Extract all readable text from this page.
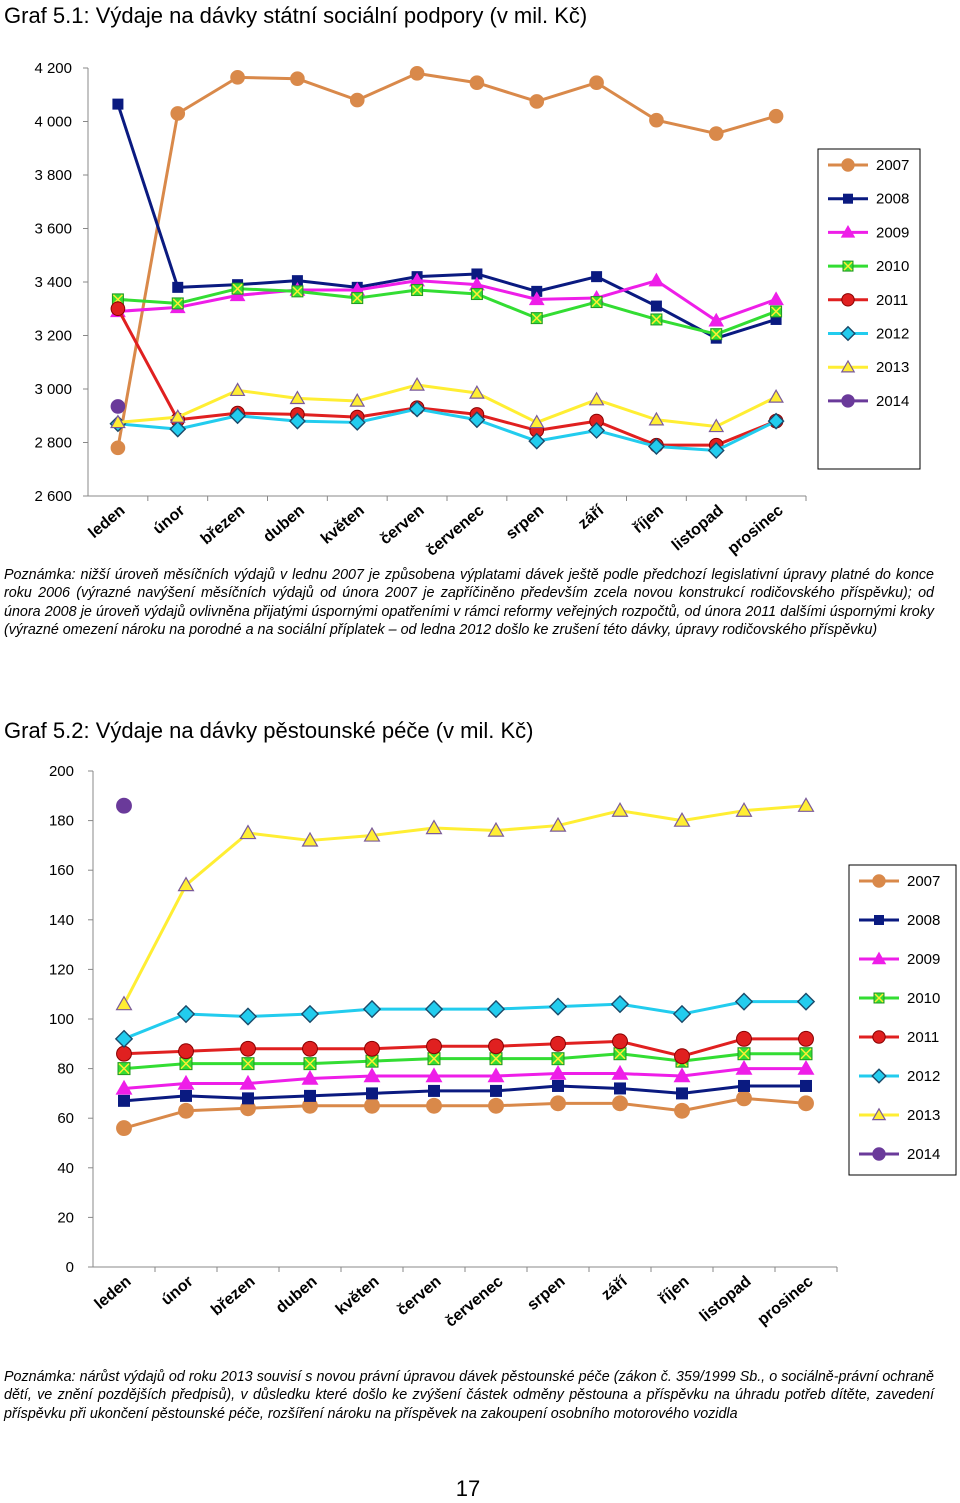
Graf 5.1: Výdaje na dávky státní sociální podpory (v mil. Kč)
2 600
2 800
3 000
3 200
3 400
3 600
3 800
4 000
4 200
leden únor březen duben květen červen
červenec srpen září říjen listopad
prosinec
2007
2008
2009
2010
2011
2012
2013
2014

Poznámka: nižší úroveň měsíčních výdajů v lednu 2007 je způsobena výplatami dávek ještě podle předchozí legislativní úpravy platné do konce roku 2006 (výrazné navýšení měsíčních výdajů od února 2007 je zapříčiněno především zcela novou konstrukcí rodičovského příspěvku); od února 2008 je úroveň výdajů ovlivněna přijatými úspornými opatřeními v rámci reformy veřejných rozpočtů, od února 2011 dalšími úspornými kroky (výrazné omezení nároku na porodné a na sociální příplatek – od ledna 2012 došlo ke zrušení této dávky, úpravy rodičovského příspěvku)

Graf 5.2: Výdaje na dávky pěstounské péče (v mil. Kč)
0
20
40
60
80
100
120
140
160
180
200
leden únor březen duben květen červen
červenec srpen září říjen listopad prosinec
2007
2008
2009
2010
2011
2012
2013
2014

Poznámka: nárůst výdajů od roku 2013 souvisí s novou právní úpravou dávek pěstounské péče (zákon č. 359/1999 Sb., o sociálně-právní ochraně dětí, ve znění pozdějších předpisů), v důsledku které došlo ke zvýšení částek odměny pěstouna a příspěvku na úhradu potřeb dítěte, zavedení příspěvku při ukončení pěstounské péče, rozšíření nároku na příspěvek na zakoupení osobního motorového vozidla

17
